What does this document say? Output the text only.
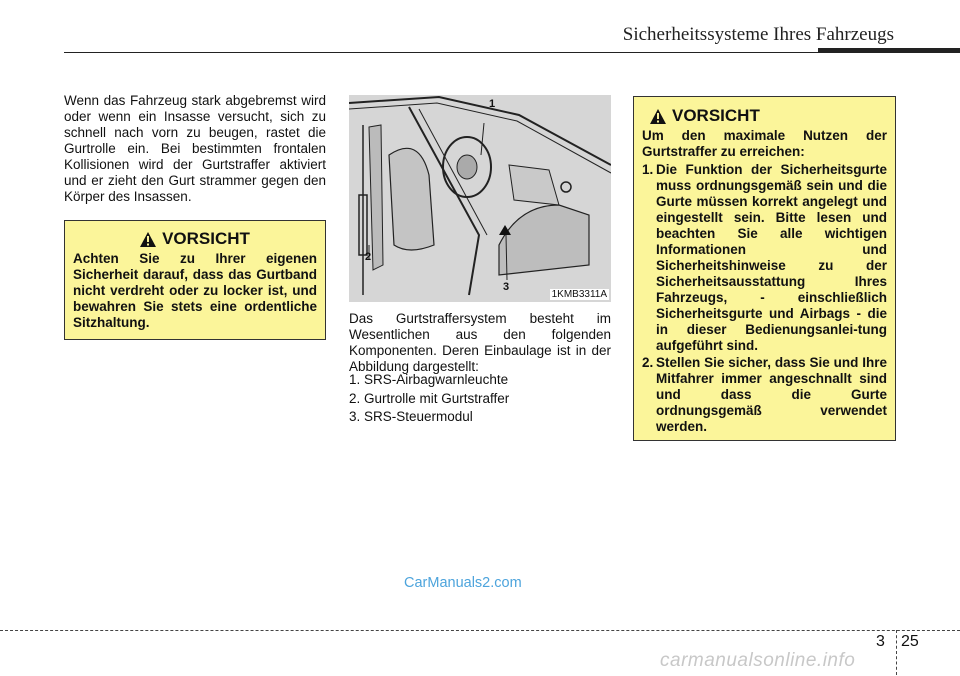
Sicherheitssysteme Ihres Fahrzeugs
Wenn das Fahrzeug stark abgebremst wird oder wenn ein Insasse versucht, sich zu schnell nach vorn zu beugen, rastet die Gurtrolle ein. Bei bestimmten frontalen Kollisionen wird der Gurtstraffer aktiviert und er zieht den Gurt strammer gegen den Körper des Insassen.
VORSICHT
Achten Sie zu Ihrer eigenen Sicherheit darauf, dass das Gurtband nicht verdreht oder zu locker ist, und bewahren Sie stets eine ordentliche Sitzhaltung.
1
2
3
1KMB3311A
Das Gurtstraffersystem besteht im Wesentlichen aus den folgenden Komponenten. Deren Einbaulage ist in der Abbildung dargestellt:
1. SRS-Airbagwarnleuchte
2. Gurtrolle mit Gurtstraffer
3. SRS-Steuermodul
VORSICHT
Um den maximale Nutzen der Gurtstraffer zu erreichen:
1. Die Funktion der Sicherheitsgurte muss ordnungsgemäß sein und die Gurte müssen korrekt angelegt und eingestellt sein. Bitte lesen und beachten Sie alle wichtigen Informationen und Sicherheitshinweise zu der Sicherheitsausstattung Ihres Fahrzeugs, - einschließlich Sicherheitsgurte und Airbags - die in dieser Bedienungsanlei-tung aufgeführt sind.
2. Stellen Sie sicher, dass Sie und Ihre Mitfahrer immer angeschnallt sind und dass die Gurte ordnungsgemäß verwendet werden.
CarManuals2.com
3 25
carmanualsonline.info
